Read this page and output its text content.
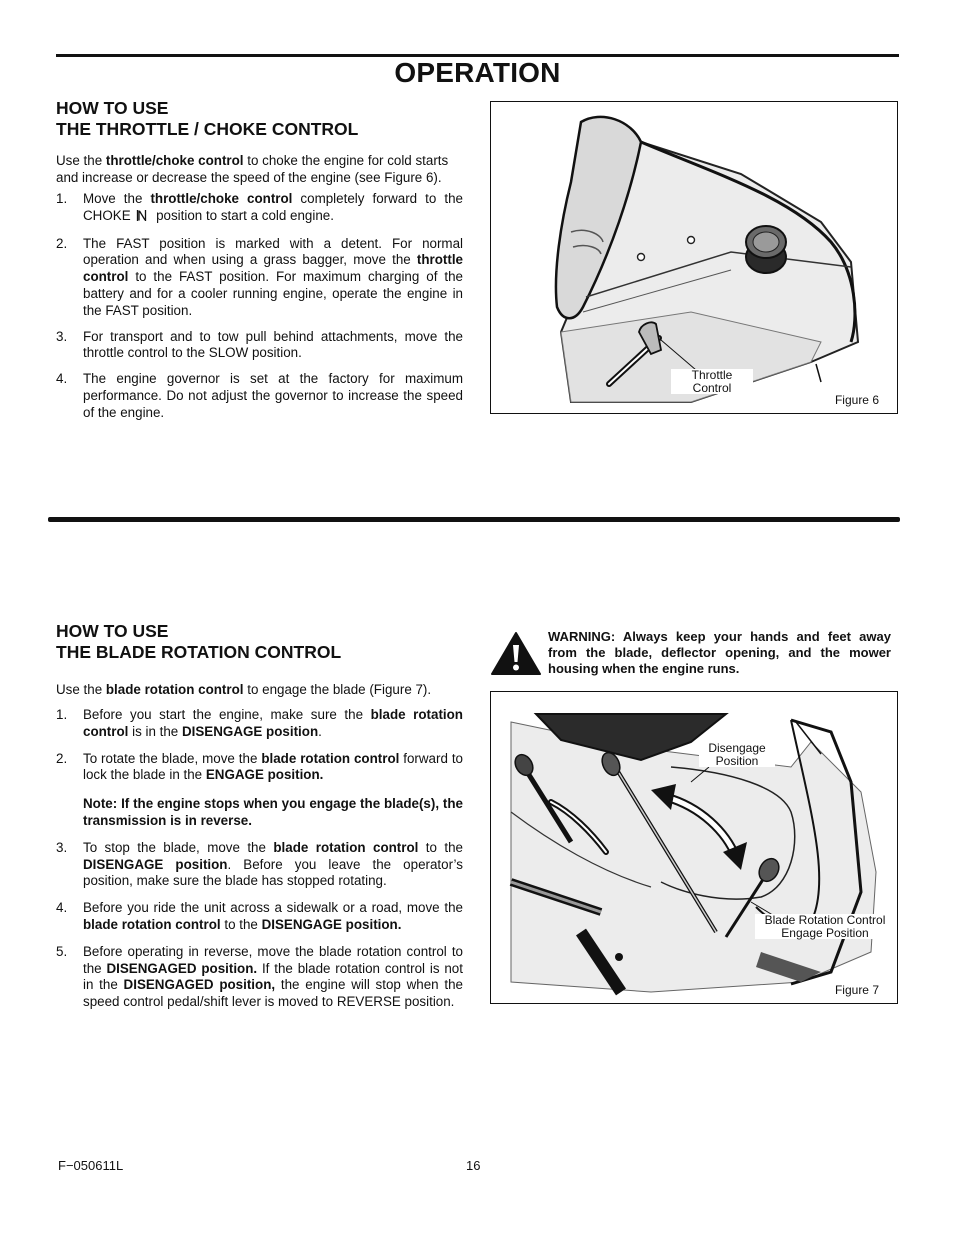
OPERATION
HOW TO USE
THE THROTTLE / CHOKE CONTROL
Use the throttle/choke control to choke the engine for cold starts and increase or decrease the speed of the engine (see Figure 6).
1. Move the throttle/choke control completely forward to the CHOKE  position to start a cold engine.
2. The FAST position is marked with a detent. For normal operation and when using a grass bagger, move the throttle control to the FAST position. For maximum charging of the battery and for a cooler running engine, operate the engine in the FAST position.
3. For transport and to tow pull behind attachments, move the throttle control to the SLOW position.
4. The engine governor is set at the factory for maximum performance. Do not adjust the governor to increase the speed of the engine.
Throttle
Control
Figure 6
HOW TO USE
THE BLADE ROTATION CONTROL
Use the blade rotation control to engage the blade (Figure 7).
1. Before you start the engine, make sure the blade rotation control is in the DISENGAGE position.
2. To rotate the blade, move the blade rotation control forward to lock the blade in the ENGAGE position.
Note: If the engine stops when you engage the blade(s), the transmission is in reverse.
3. To stop the blade, move the blade rotation control to the DISENGAGE position. Before you leave the operator’s position, make sure the blade has stopped rotating.
4. Before you ride the unit across a sidewalk or a road, move the blade rotation control to the DISENGAGE position.
5. Before operating in reverse, move the blade rotation control to the DISENGAGED position. If the blade rotation control is not in the DISENGAGED position, the engine will stop when the speed control pedal/shift lever is moved to REVERSE position.
WARNING: Always keep your hands and feet away from the blade, deflector opening, and the mower housing when the engine runs.
Disengage
Position
Blade Rotation Control
Engage Position
Figure 7
F−050611L	16
